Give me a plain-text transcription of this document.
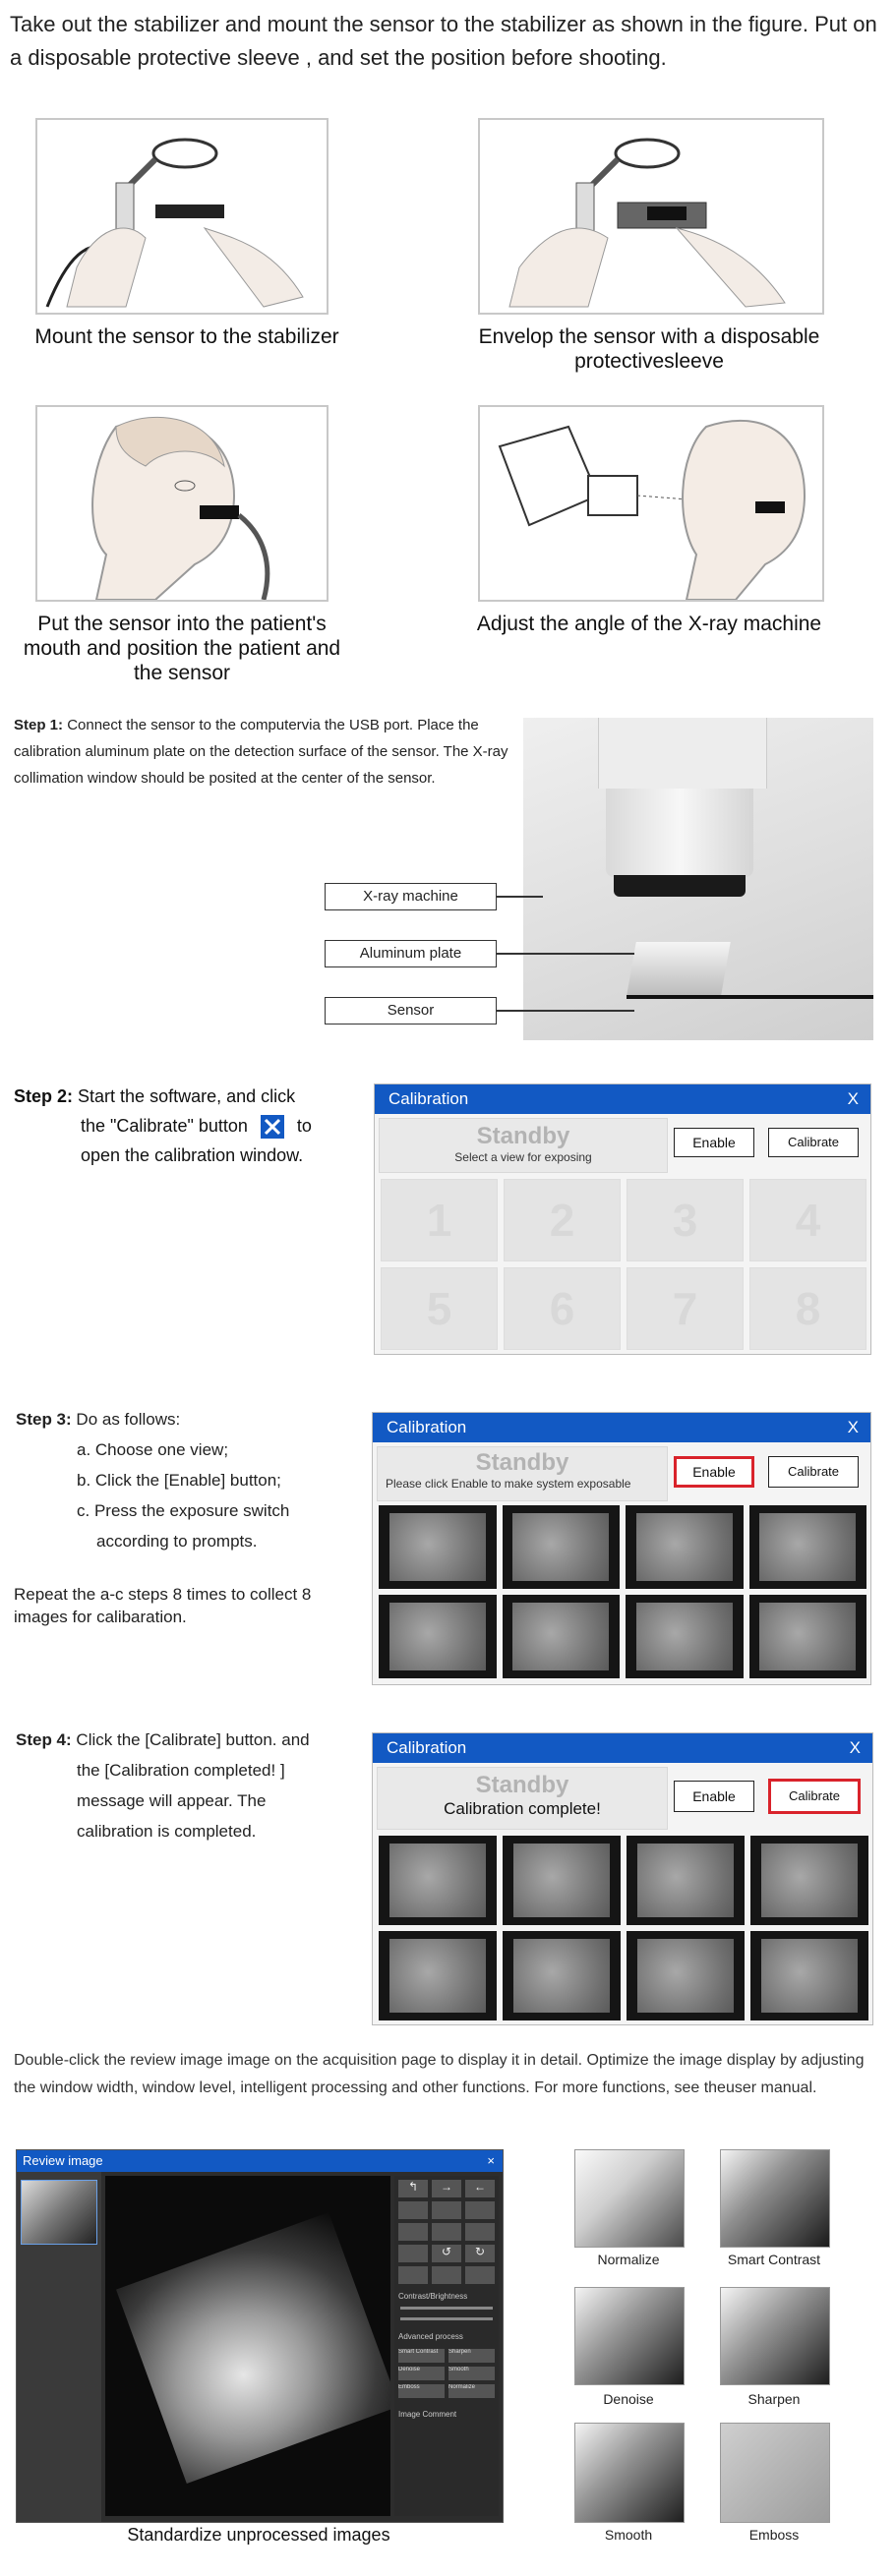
Take out the stabilizer and mount the sensor to the stabilizer as shown in the figure. Put on a disposable protective sleeve , and set the position before shooting.
Mount the sensor to the stabilizer	Envelop the sensor with a disposable protectivesleeve
Put the sensor into the patient's mouth and position the patient and the sensor
Adjust the angle of the X-ray machine
Step 1: Connect the sensor to the computervia the USB port. Place the calibration aluminum plate on the detection surface of the sensor. The X-ray collimation window should be posited at the center of the sensor.
X-ray machine
Aluminum plate
Sensor
Step 2: Start the software, and click
the "Calibrate" button	to
open the calibration window.
Calibration	X
Standby
Select a view for exposing
Enable	Calibrate
1	2	3	4
5	6	7	8
Step 3: Do as follows:
a. Choose one view;
b. Click the [Enable] button;
c. Press the exposure switch
according to prompts.
Repeat the a-c steps 8 times to collect 8 images for calibaration.
Calibration	X
Standby
Please click Enable to make system exposable
Enable	Calibrate
Step 4: Click the [Calibrate] button. and
the [Calibration completed! ]
message will appear. The
calibration is completed.
Calibration	X
Standby
Calibration complete!
Enable	Calibrate
Double-click the review image image on the acquisition page to display it in detail. Optimize the image display by adjusting the window width, window level, intelligent processing and other functions. For more functions, see theuser manual.
Review image	×
↰	→	←
↺	↻
Contrast/Brightness
Advanced process
Smart Contrast	Sharpen
Denoise	Smooth
Emboss	Normalize
Image Comment
Standardize unprocessed images
Normalize	Smart Contrast
Denoise	Sharpen
Smooth	Emboss
